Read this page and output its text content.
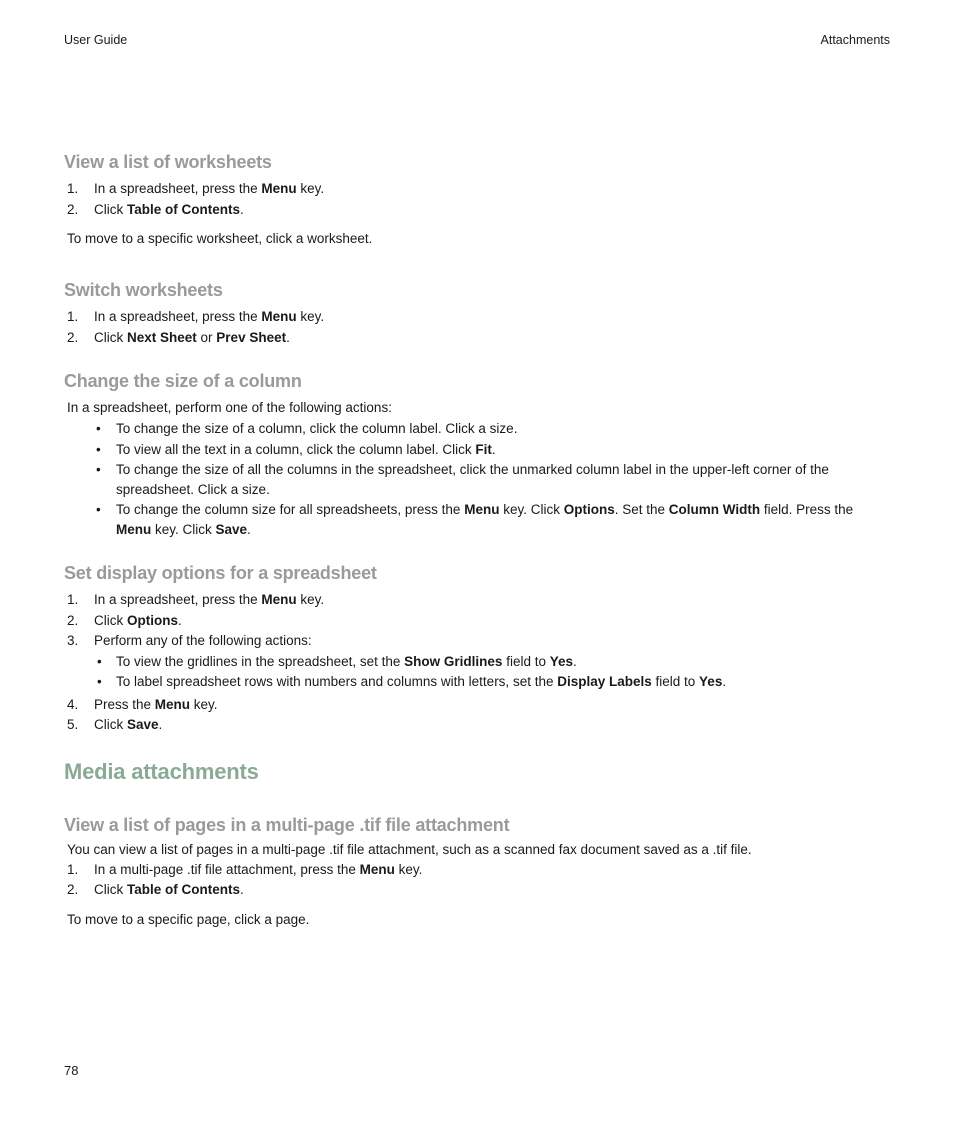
User Guide	Attachments
View a list of worksheets
1. In a spreadsheet, press the Menu key.
2. Click Table of Contents.

To move to a specific worksheet, click a worksheet.

Switch worksheets
1. In a spreadsheet, press the Menu key.
2. Click Next Sheet or Prev Sheet.
Change the size of a column

In a spreadsheet, perform one of the following actions:

• To change the size of a column, click the column label. Click a size.
• To view all the text in a column, click the column label. Click Fit.
• To change the size of all the columns in the spreadsheet, click the unmarked column label in the upper-left corner of the spreadsheet. Click a size.
• To change the column size for all spreadsheets, press the Menu key. Click Options. Set the Column Width field. Press the Menu key. Click Save.
Set display options for a spreadsheet
1. In a spreadsheet, press the Menu key.
2. Click Options.
3. Perform any of the following actions:
• To view the gridlines in the spreadsheet, set the Show Gridlines field to Yes.
• To label spreadsheet rows with numbers and columns with letters, set the Display Labels field to Yes.
4. Press the Menu key.
5. Click Save.
Media attachments
View a list of pages in a multi-page .tif file attachment

You can view a list of pages in a multi-page .tif file attachment, such as a scanned fax document saved as a .tif file.

1. In a multi-page .tif file attachment, press the Menu key.
2. Click Table of Contents.

To move to a specific page, click a page.

78
